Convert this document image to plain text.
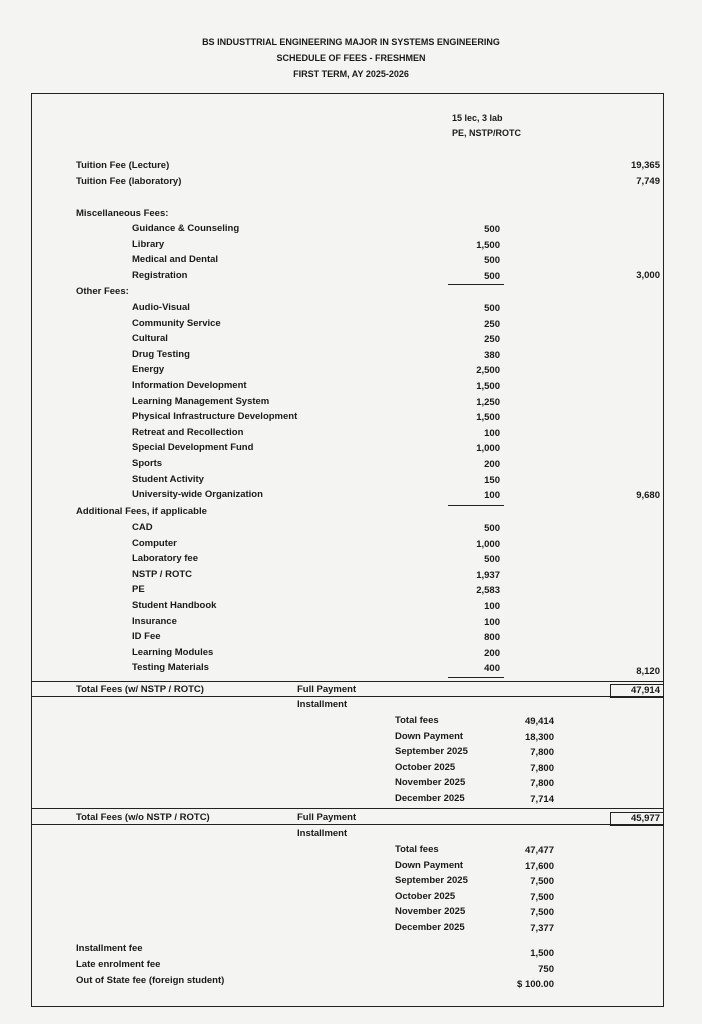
BS INDUSTTRIAL ENGINEERING MAJOR IN SYSTEMS ENGINEERING
SCHEDULE OF FEES - FRESHMEN
FIRST TERM, AY 2025-2026
15 lec, 3 lab
PE, NSTP/ROTC
Tuition Fee (Lecture)	19,365
Tuition Fee (laboratory)	7,749
Miscellaneous Fees:
Guidance & Counseling	500
Library	1,500
Medical and Dental	500
Registration	500	3,000
Other Fees:
Audio-Visual	500
Community Service	250
Cultural	250
Drug Testing	380
Energy	2,500
Information Development	1,500
Learning Management System	1,250
Physical Infrastructure Development	1,500
Retreat and Recollection	100
Special Development Fund	1,000
Sports	200
Student Activity	150
University-wide Organization	100	9,680
Additional Fees, if applicable
CAD	500
Computer	1,000
Laboratory fee	500
NSTP / ROTC	1,937
PE	2,583
Student Handbook	100
Insurance	100
ID Fee	800
Learning Modules	200
Testing Materials	400	8,120
Total Fees (w/ NSTP / ROTC)	Full Payment	47,914
Installment
Total fees	49,414
Down Payment	18,300
September 2025	7,800
October 2025	7,800
November 2025	7,800
December 2025	7,714
Total Fees (w/o NSTP / ROTC)	Full Payment	45,977
Installment
Total fees	47,477
Down Payment	17,600
September 2025	7,500
October 2025	7,500
November 2025	7,500
December 2025	7,377
Installment fee	1,500
Late enrolment fee	750
Out of State fee (foreign student)	$ 100.00
